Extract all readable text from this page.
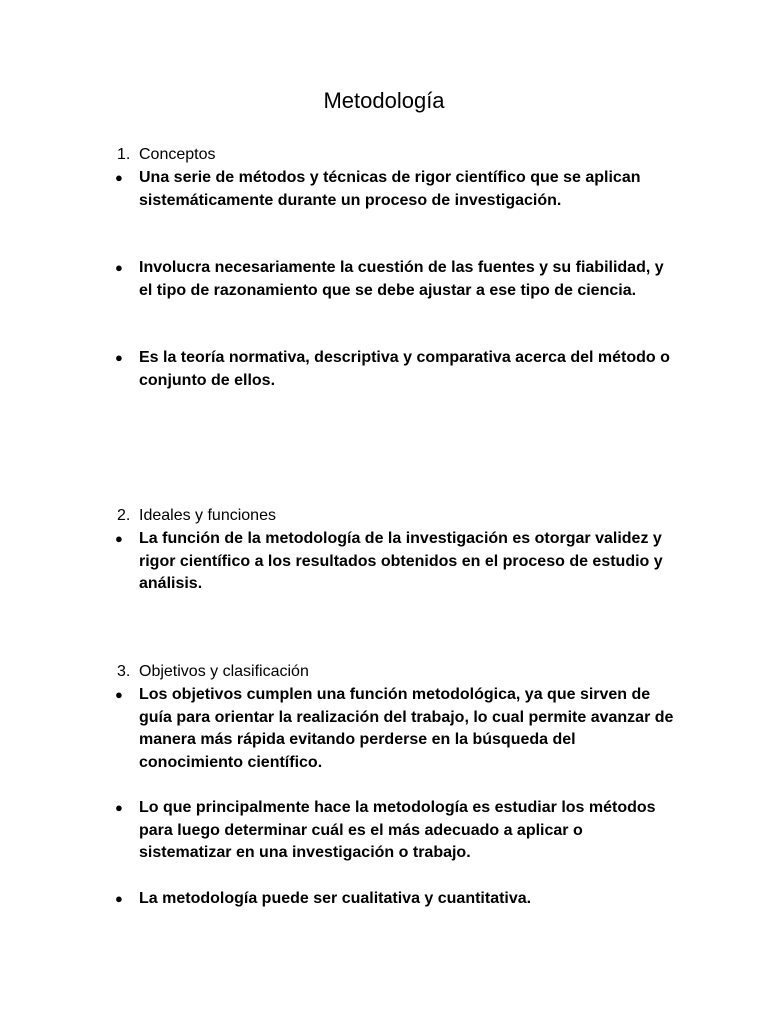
Metodología
1. Conceptos
● Una serie de métodos y técnicas de rigor científico que se aplican sistemáticamente durante un proceso de investigación.
● Involucra necesariamente la cuestión de las fuentes y su fiabilidad, y el tipo de razonamiento que se debe ajustar a ese tipo de ciencia.
● Es la teoría normativa, descriptiva y comparativa acerca del método o conjunto de ellos.
2. Ideales y funciones
● La función de la metodología de la investigación es otorgar validez y rigor científico a los resultados obtenidos en el proceso de estudio y análisis.
3. Objetivos y clasificación
● Los objetivos cumplen una función metodológica, ya que sirven de guía para orientar la realización del trabajo, lo cual permite avanzar de manera más rápida evitando perderse en la búsqueda del conocimiento científico.
● Lo que principalmente hace la metodología es estudiar los métodos para luego determinar cuál es el más adecuado a aplicar o sistematizar en una investigación o trabajo.
● La metodología puede ser cualitativa y cuantitativa.
